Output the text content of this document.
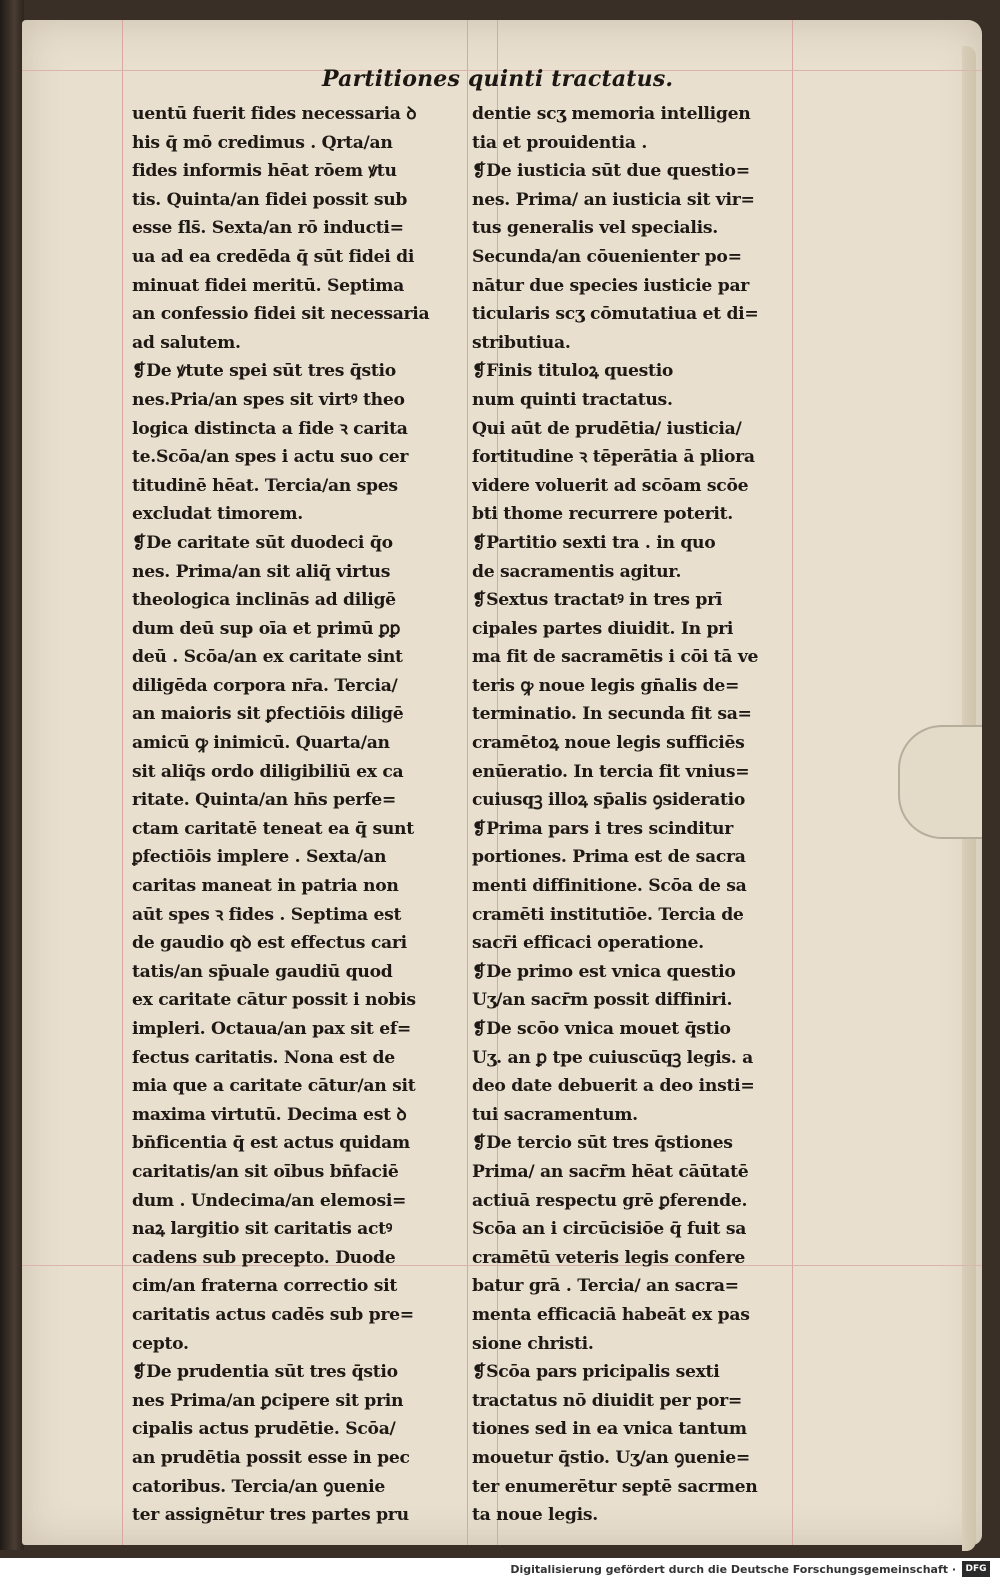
Partitiones quinti tractatus.
uentū fuerit fides necessaria ꝺ
his q̄ mō credimus . Qrta/an
fides informis hēat rōem ꝟtu
tis. Quinta/an fidei possit sub
esse fls̄. Sexta/an rō inducti=
ua ad ea credēda q̄ sūt fidei di
minuat fidei meritū. Septima
an confessio fidei sit necessaria
ad salutem.
❡De ꝟtute spei sūt tres q̄stio
nes.Pria/an spes sit virtꝰ theo
logica distincta a fide ꝛ carita
te.Scōa/an spes i actu suo cer
titudinē hēat. Tercia/an spes
excludat timorem.
❡De caritate sūt duodeci q̄o
nes. Prima/an sit aliq̄ virtus
theologica inclinās ad diligē
dum deū sup oīa et primū ꝑꝑ
deū . Scōa/an ex caritate sint
diligēda corpora nr̄a. Tercia/
an maioris sit ꝑfectiōis diligē
amicū ꝙ inimicū. Quarta/an
sit aliq̄s ordo diligibiliū ex ca
ritate. Quinta/an hn̄s perfe=
ctam caritatē teneat ea q̄ sunt
ꝑfectiōis implere . Sexta/an
caritas maneat in patria non
aūt spes ꝛ fides . Septima est
de gaudio qꝺ est effectus cari
tatis/an sp̄uale gaudiū quod
ex caritate cātur possit i nobis
impleri. Octaua/an pax sit ef=
fectus caritatis. Nona est de
mia que a caritate cātur/an sit
maxima virtutū. Decima est ꝺ
bn̄ficentia q̄ est actus quidam
caritatis/an sit oībus bn̄faciē
dum . Undecima/an elemosi=
naꝝ largitio sit caritatis actꝰ
cadens sub precepto. Duode
cim/an fraterna correctio sit
caritatis actus cadēs sub pre=
cepto.
❡De prudentia sūt tres q̄stio
nes Prima/an ꝑcipere sit prin
cipalis actus prudētie. Scōa/
an prudētia possit esse in pec
catoribus. Tercia/an ꝯuenie
ter assignētur tres partes pru
dentie scʒ memoria intelligen
tia et prouidentia .
❡De iusticia sūt due questio=
nes. Prima/ an iusticia sit vir=
tus generalis vel specialis.
Secunda/an cōuenienter po=
nātur due species iusticie par
ticularis scʒ cōmutatiua et di=
stributiua.
❡Finis tituloꝝ questio
num quinti tractatus.
Qui aūt de prudētia/ iusticia/
fortitudine ꝛ tēperātia ā pliora
videre voluerit ad scōam scōe
bti thome recurrere poterit.
❡Partitio sexti tra . in quo
de sacramentis agitur.
❡Sextus tractatꝰ in tres prī
cipales partes diuidit. In pri
ma fit de sacramētis i cōi tā ve
teris ꝙ noue legis gn̄alis de=
terminatio. In secunda fit sa=
cramētoꝝ noue legis sufficiēs
enūeratio. In tercia fit vnius=
cuiusqꝫ illoꝝ sp̄alis ꝯsideratio
❡Prima pars i tres scinditur
portiones. Prima est de sacra
menti diffinitione. Scōa de sa
cramēti institutiōe. Tercia de
sacr̄i efficaci operatione.
❡De primo est vnica questio
Uʒ/an sacr̄m possit diffiniri.
❡De scōo vnica mouet q̄stio
Uʒ. an ꝑ tpe cuiuscūqꝫ legis. a
deo date debuerit a deo insti=
tui sacramentum.
❡De tercio sūt tres q̄stiones
Prima/ an sacr̄m hēat cāūtatē
actiuā respectu grē ꝑferende.
Scōa an i circūcisiōe q̄ fuit sa
cramētū veteris legis confere
batur grā . Tercia/ an sacra=
menta efficaciā habeāt ex pas
sione christi.
❡Scōa pars pricipalis sexti
tractatus nō diuidit per por=
tiones sed in ea vnica tantum
mouetur q̄stio. Uʒ/an ꝯuenie=
ter enumerētur septē sacrmen
ta noue legis.
Digitalisierung gefördert durch die Deutsche Forschungsgemeinschaft ·	DFG
